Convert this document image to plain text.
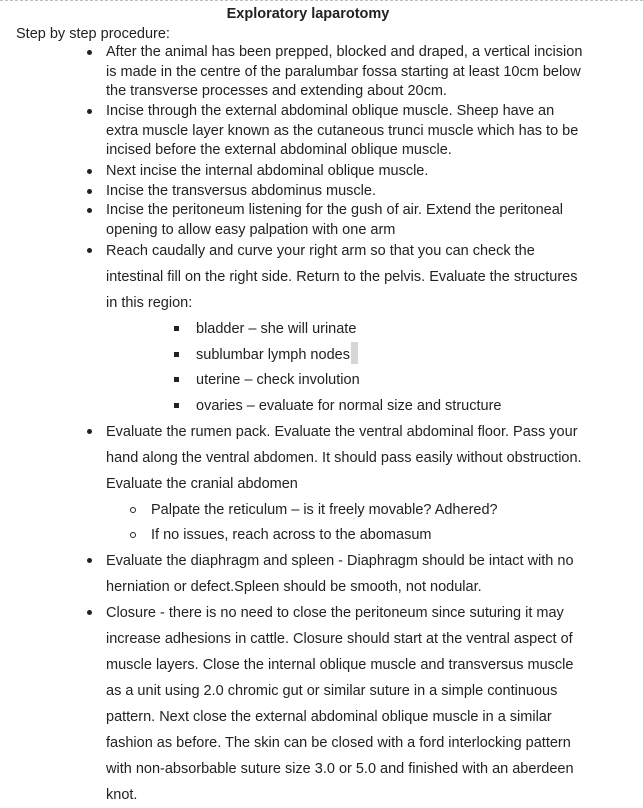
Exploratory laparotomy
Step by step procedure:
After the animal has been prepped, blocked and draped, a vertical incision
is made in the centre of the paralumbar fossa starting at least 10cm below
the transverse processes and extending about 20cm.
Incise through the external abdominal oblique muscle. Sheep have an
extra muscle layer known as the cutaneous trunci muscle which has to be
incised before the external abdominal oblique muscle.
Next incise the internal abdominal oblique muscle.
Incise the transversus abdominus muscle.
Incise the peritoneum listening for the gush of air. Extend the peritoneal
opening to allow easy palpation with one arm
Reach caudally and curve your right arm so that you can check the
intestinal fill on the right side. Return to the pelvis. Evaluate the structures
in this region:
bladder – she will urinate
sublumbar lymph nodes
uterine – check involution
ovaries – evaluate for normal size and structure
Evaluate the rumen pack. Evaluate the ventral abdominal floor. Pass your
hand along the ventral abdomen. It should pass easily without obstruction.
Evaluate the cranial abdomen
Palpate the reticulum – is it freely movable? Adhered?
If no issues, reach across to the abomasum
Evaluate the diaphragm and spleen - Diaphragm should be intact with no
herniation or defect.Spleen should be smooth, not nodular.
Closure - there is no need to close the peritoneum since suturing it may
increase adhesions in cattle. Closure should start at the ventral aspect of
muscle layers. Close the internal oblique muscle and transversus muscle
as a unit using 2.0 chromic gut or similar suture in a simple continuous
pattern. Next close the external abdominal oblique muscle in a similar
fashion as before. The skin can be closed with a ford interlocking pattern
with non-absorbable suture size 3.0 or 5.0 and finished with an aberdeen
knot.
